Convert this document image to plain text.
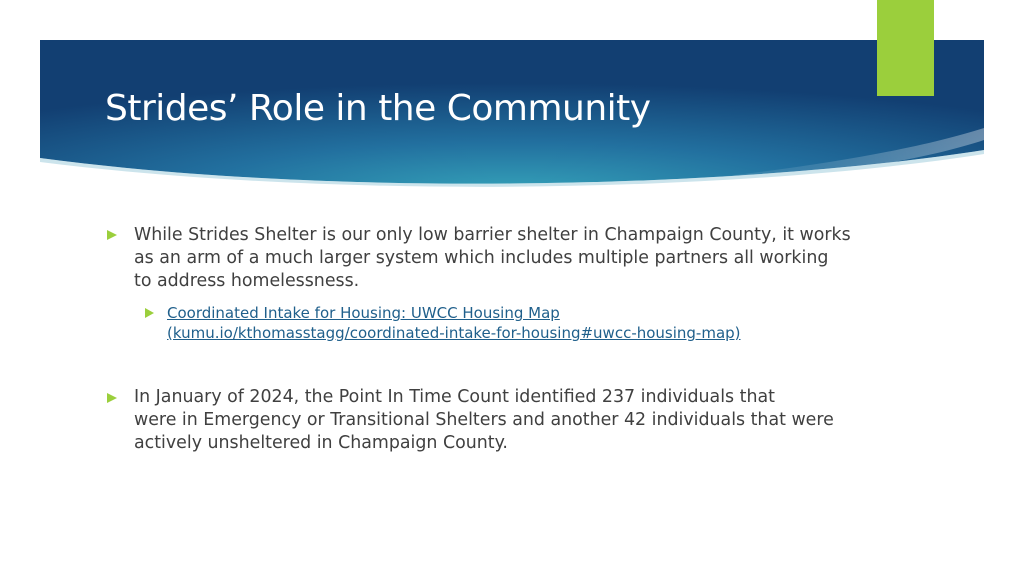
Strides’ Role in the Community

While Strides Shelter is our only low barrier shelter in Champaign County, it works
as an arm of a much larger system which includes multiple partners all working
to address homelessness.

Coordinated Intake for Housing: UWCC Housing Map
(kumu.io/kthomasstagg/coordinated-intake-for-housing#uwcc-housing-map)

In January of 2024, the Point In Time Count identified 237 individuals that
were in Emergency or Transitional Shelters and another 42 individuals that were
actively unsheltered in Champaign County.
